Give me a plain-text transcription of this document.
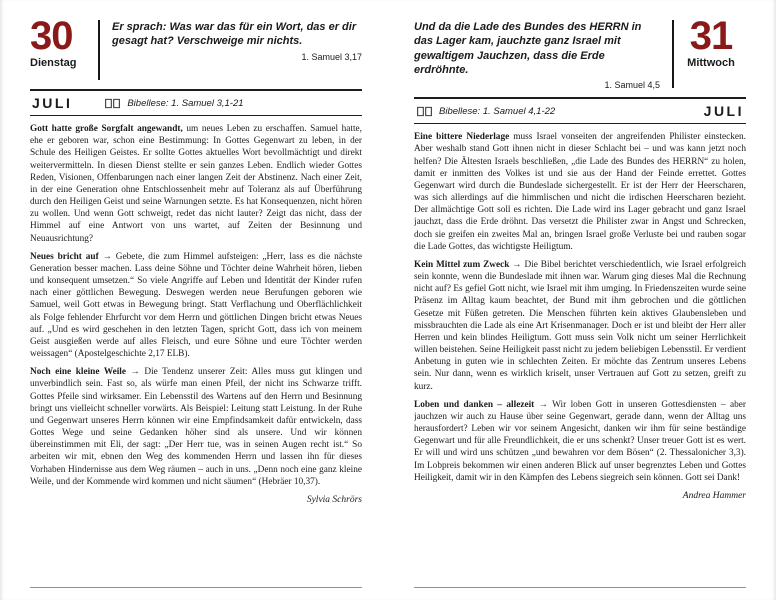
30
Dienstag

Er sprach: Was war das für ein Wort, das er dir gesagt hat? Verschweige mir nichts.

1. Samuel 3,17

JULI	Bibellese: 1. Samuel 3,1-21

Gott hatte große Sorgfalt angewandt, um neues Leben zu erschaffen. Samuel hatte, ehe er geboren war, schon eine Bestimmung: In Gottes Gegenwart zu leben, in der Schule des Heiligen Geistes. Er sollte Gottes aktuelles Wort bevollmächtigt und direkt weitervermitteln. In diesen Dienst stellte er sein ganzes Leben. Endlich wieder Gottes Reden, Visionen, Offenbarungen nach einer langen Zeit der Abstinenz. Nach einer Zeit, in der eine Generation ohne Entschlossenheit mehr auf Toleranz als auf Überführung durch den Heiligen Geist und seine Warnungen setzte. Es hat Konsequenzen, nicht hören zu wollen. Und wenn Gott schweigt, redet das nicht lauter? Zeigt das nicht, dass der Himmel auf eine Antwort von uns wartet, auf Zeiten der Besinnung und Neuausrichtung?

Neues bricht auf → Gebete, die zum Himmel aufsteigen: „Herr, lass es die nächste Generation besser machen. Lass deine Söhne und Töchter deine Wahrheit hören, lieben und konsequent umsetzen.“ So viele Angriffe auf Leben und Identität der Kinder rufen nach einer göttlichen Bewegung. Deswegen werden neue Berufungen geboren wie Samuel, weil Gott etwas in Bewegung bringt. Statt Verflachung und Oberflächlichkeit als Folge fehlender Ehrfurcht vor dem Herrn und göttlichen Dingen bricht etwas Neues auf. „Und es wird geschehen in den letzten Tagen, spricht Gott, dass ich von meinem Geist ausgießen werde auf alles Fleisch, und eure Söhne und eure Töchter werden weissagen“ (Apostelgeschichte 2,17 ELB).

Noch eine kleine Weile → Die Tendenz unserer Zeit: Alles muss gut klingen und unverbindlich sein. Fast so, als würfe man einen Pfeil, der nicht ins Schwarze trifft. Gottes Pfeile sind wirksamer. Ein Lebensstil des Wartens auf den Herrn und Besinnung bringt uns vielleicht schneller vorwärts. Als Beispiel: Leitung statt Leistung. In der Ruhe und Gegenwart unseres Herrn können wir eine Empfindsamkeit dafür entwickeln, dass Gottes Wege und seine Gedanken höher sind als unsere. Und wir können übereinstimmen mit Eli, der sagt: „Der Herr tue, was in seinen Augen recht ist.“ So arbeiten wir mit, ebnen den Weg des kommenden Herrn und lassen ihn für dieses Vorhaben Hindernisse aus dem Weg räumen – auch in uns. „Denn noch eine ganz kleine Weile, und der Kommende wird kommen und nicht säumen“ (Hebräer 10,37).

Sylvia Schrörs

Und da die Lade des Bundes des HERRN in das Lager kam, jauchzte ganz Israel mit gewaltigem Jauchzen, dass die Erde erdröhnte.

1. Samuel 4,5

31
Mittwoch
Bibellese: 1. Samuel 4,1-22	JULI

Eine bittere Niederlage muss Israel vonseiten der angreifenden Philister einstecken. Aber weshalb stand Gott ihnen nicht in dieser Schlacht bei – und was kann jetzt noch helfen? Die Ältesten Israels beschließen, „die Lade des Bundes des HERRN“ zu holen, damit er inmitten des Volkes ist und sie aus der Hand der Feinde errettet. Gottes Gegenwart wird durch die Bundeslade sichergestellt. Er ist der Herr der Heerscharen, was sich allerdings auf die himmlischen und nicht die irdischen Heerscharen bezieht. Der allmächtige Gott soll es richten. Die Lade wird ins Lager gebracht und ganz Israel jauchzt, dass die Erde dröhnt. Das versetzt die Philister zwar in Angst und Schrecken, doch sie greifen ein zweites Mal an, bringen Israel große Verluste bei und rauben sogar die Lade Gottes, das wichtigste Heiligtum.

Kein Mittel zum Zweck → Die Bibel berichtet verschiedentlich, wie Israel erfolgreich sein konnte, wenn die Bundeslade mit ihnen war. Warum ging dieses Mal die Rechnung nicht auf? Es gefiel Gott nicht, wie Israel mit ihm umging. In Friedenszeiten wurde seine Präsenz im Alltag kaum beachtet, der Bund mit ihm gebrochen und die göttlichen Gesetze mit Füßen getreten. Die Menschen führten kein aktives Glaubensleben und missbrauchten die Lade als eine Art Krisenmanager. Doch er ist und bleibt der Herr aller Herren und kein blindes Heiligtum. Gott muss sein Volk nicht um seiner Herrlichkeit willen beistehen. Seine Heiligkeit passt nicht zu jedem beliebigen Lebensstil. Er verdient Anbetung in guten wie in schlechten Zeiten. Er möchte das Zentrum unseres Lebens sein. Nur dann, wenn es wirklich kriselt, unser Vertrauen auf Gott zu setzen, greift zu kurz.

Loben und danken – allezeit → Wir loben Gott in unseren Gottesdiensten – aber jauchzen wir auch zu Hause über seine Gegenwart, gerade dann, wenn der Alltag uns herausfordert? Leben wir vor seinem Angesicht, danken wir ihm für seine beständige Gegenwart und für alle Freundlichkeit, die er uns schenkt? Unser treuer Gott ist es wert. Er will und wird uns schützen „und bewahren vor dem Bösen“ (2. Thessalonicher 3,3). Im Lobpreis bekommen wir einen anderen Blick auf unser begrenztes Leben und Gottes Heiligkeit, damit wir in den Kämpfen des Lebens siegreich sein können. Gott sei Dank!

Andrea Hammer
